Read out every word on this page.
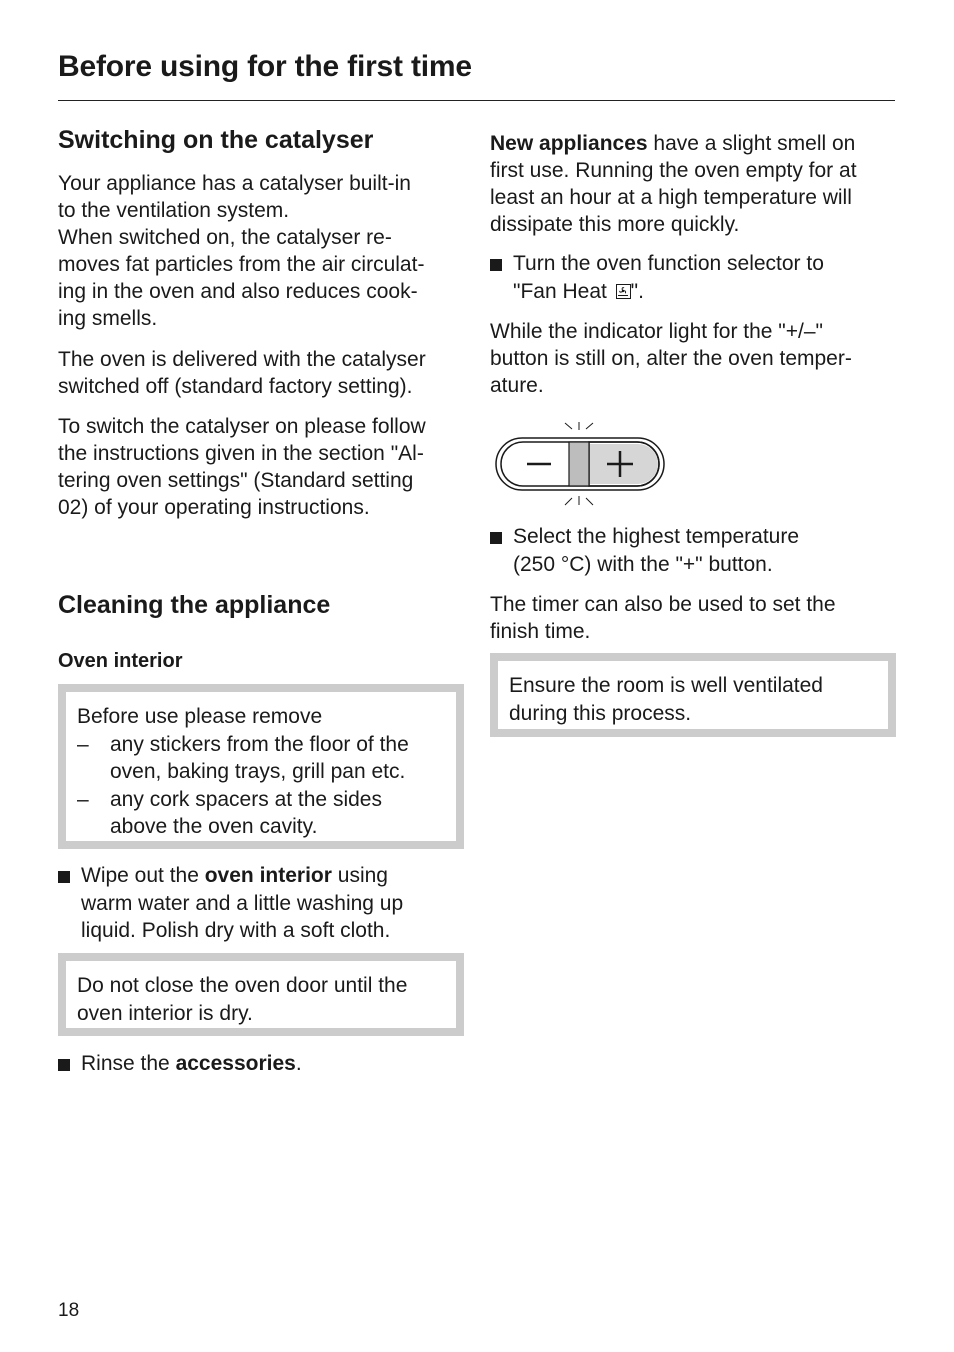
Before using for the first time
Switching on the catalyser

Your appliance has a catalyser built-in

to the ventilation system.

When switched on, the catalyser re-

moves fat particles from the air circulat-

ing in the oven and also reduces cook-

ing smells.

The oven is delivered with the catalyser

switched off (standard factory setting).

To switch the catalyser on please follow

the instructions given in the section "Al-

tering oven settings" (Standard setting

02) of your operating instructions.

Cleaning the appliance
Oven interior
Before use please remove
–	any stickers from the floor of the
oven, baking trays, grill pan etc.
–	any cork spacers at the sides
above the oven cavity.
Wipe out the oven interior using
warm water and a little washing up
liquid. Polish dry with a soft cloth.
Do not close the oven door until the
oven interior is dry.
Rinse the accessories.

New appliances have a slight smell on

first use. Running the oven empty for at

least an hour at a high temperature will

dissipate this more quickly.

Turn the oven function selector to
"Fan Heat
".

While the indicator light for the "+/–"

button is still on, alter the oven temper-

ature.

Select the highest temperature
(250 °C) with the "+" button.

The timer can also be used to set the

finish time.

Ensure the room is well ventilated
during this process.
18
